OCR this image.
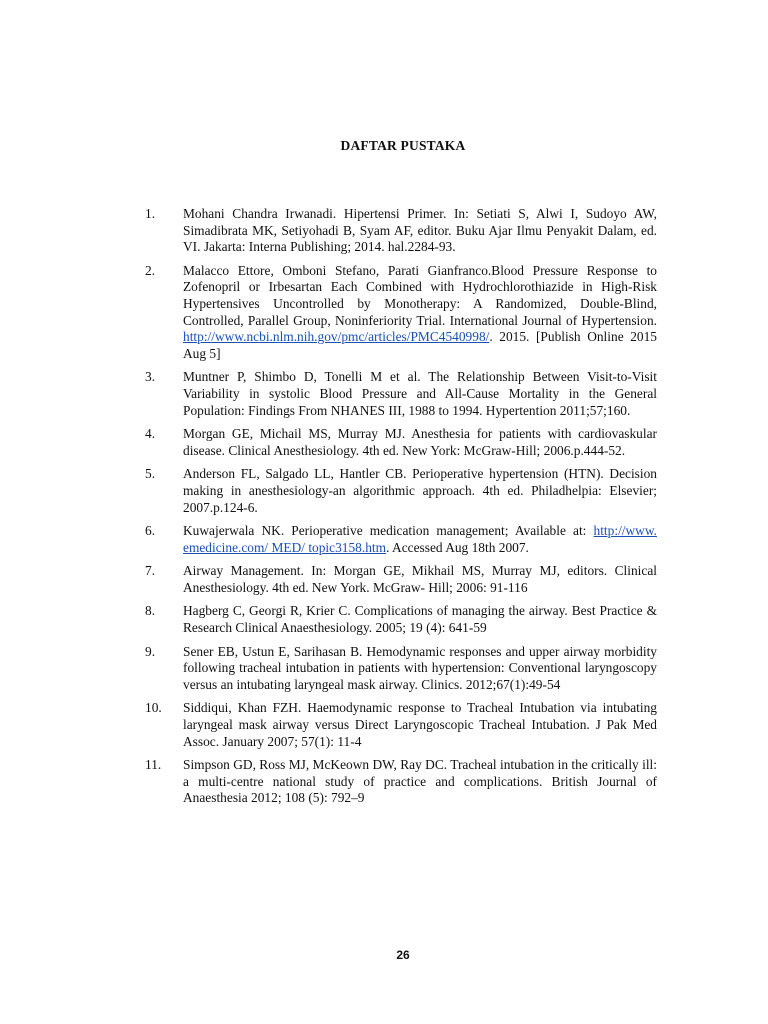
DAFTAR PUSTAKA
1. Mohani Chandra Irwanadi. Hipertensi Primer. In: Setiati S, Alwi I, Sudoyo AW, Simadibrata MK, Setiyohadi B, Syam AF, editor. Buku Ajar Ilmu Penyakit Dalam, ed. VI. Jakarta: Interna Publishing; 2014. hal.2284-93.
2. Malacco Ettore, Omboni Stefano, Parati Gianfranco.Blood Pressure Response to Zofenopril or Irbesartan Each Combined with Hydrochlorothiazide in High-Risk Hypertensives Uncontrolled by Monotherapy: A Randomized, Double-Blind, Controlled, Parallel Group, Noninferiority Trial. International Journal of Hypertension. http://www.ncbi.nlm.nih.gov/pmc/articles/PMC4540998/. 2015. [Publish Online 2015 Aug 5]
3. Muntner P, Shimbo D, Tonelli M et al. The Relationship Between Visit-to-Visit Variability in systolic Blood Pressure and All-Cause Mortality in the General Population: Findings From NHANES III, 1988 to 1994. Hypertention 2011;57;160.
4. Morgan GE, Michail MS, Murray MJ. Anesthesia for patients with cardiovaskular disease. Clinical Anesthesiology. 4th ed. New York: McGraw-Hill; 2006.p.444-52.
5. Anderson FL, Salgado LL, Hantler CB. Perioperative hypertension (HTN). Decision making in anesthesiology-an algorithmic approach. 4th ed. Philadhelpia: Elsevier; 2007.p.124-6.
6. Kuwajerwala NK. Perioperative medication management; Available at: http://www. emedicine.com/ MED/ topic3158.htm. Accessed Aug 18th 2007.
7. Airway Management. In: Morgan GE, Mikhail MS, Murray MJ, editors. Clinical Anesthesiology. 4th ed. New York. McGraw- Hill; 2006: 91-116
8. Hagberg C, Georgi R, Krier C. Complications of managing the airway. Best Practice & Research Clinical Anaesthesiology. 2005; 19 (4): 641-59
9. Sener EB, Ustun E, Sarihasan B. Hemodynamic responses and upper airway morbidity following tracheal intubation in patients with hypertension: Conventional laryngoscopy versus an intubating laryngeal mask airway. Clinics. 2012;67(1):49-54
10. Siddiqui, Khan FZH. Haemodynamic response to Tracheal Intubation via intubating laryngeal mask airway versus Direct Laryngoscopic Tracheal Intubation. J Pak Med Assoc. January 2007; 57(1): 11-4
11. Simpson GD, Ross MJ, McKeown DW, Ray DC. Tracheal intubation in the critically ill: a multi-centre national study of practice and complications. British Journal of Anaesthesia 2012; 108 (5): 792–9
26
